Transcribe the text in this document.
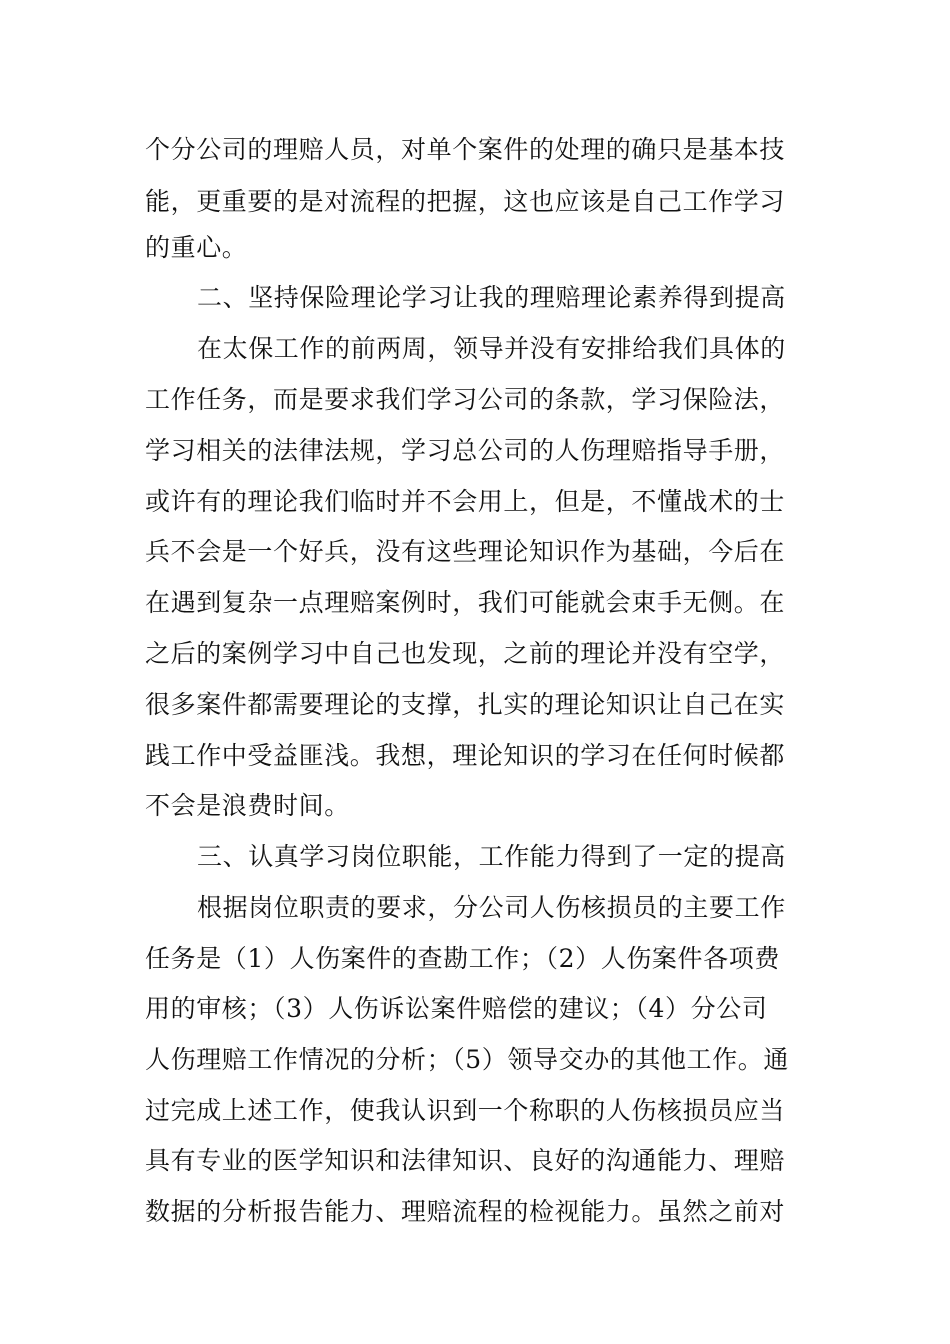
个分公司的理赔人员，对单个案件的处理的确只是基本技
能，更重要的是对流程的把握，这也应该是自己工作学习
的重心。
二、坚持保险理论学习让我的理赔理论素养得到提高
在太保工作的前两周，领导并没有安排给我们具体的
工作任务，而是要求我们学习公司的条款，学习保险法，
学习相关的法律法规，学习总公司的人伤理赔指导手册，
或许有的理论我们临时并不会用上，但是，不懂战术的士
兵不会是一个好兵，没有这些理论知识作为基础，今后在
在遇到复杂一点理赔案例时，我们可能就会束手无侧。在
之后的案例学习中自己也发现，之前的理论并没有空学，
很多案件都需要理论的支撑，扎实的理论知识让自己在实
践工作中受益匪浅。我想，理论知识的学习在任何时候都
不会是浪费时间。
三、认真学习岗位职能，工作能力得到了一定的提高
根据岗位职责的要求，分公司人伤核损员的主要工作
任务是（1）人伤案件的查勘工作；（2）人伤案件各项费
用的审核；（3）人伤诉讼案件赔偿的建议；（4）分公司
人伤理赔工作情况的分析；（5）领导交办的其他工作。通
过完成上述工作，使我认识到一个称职的人伤核损员应当
具有专业的医学知识和法律知识、良好的沟通能力、理赔
数据的分析报告能力、理赔流程的检视能力。虽然之前对
